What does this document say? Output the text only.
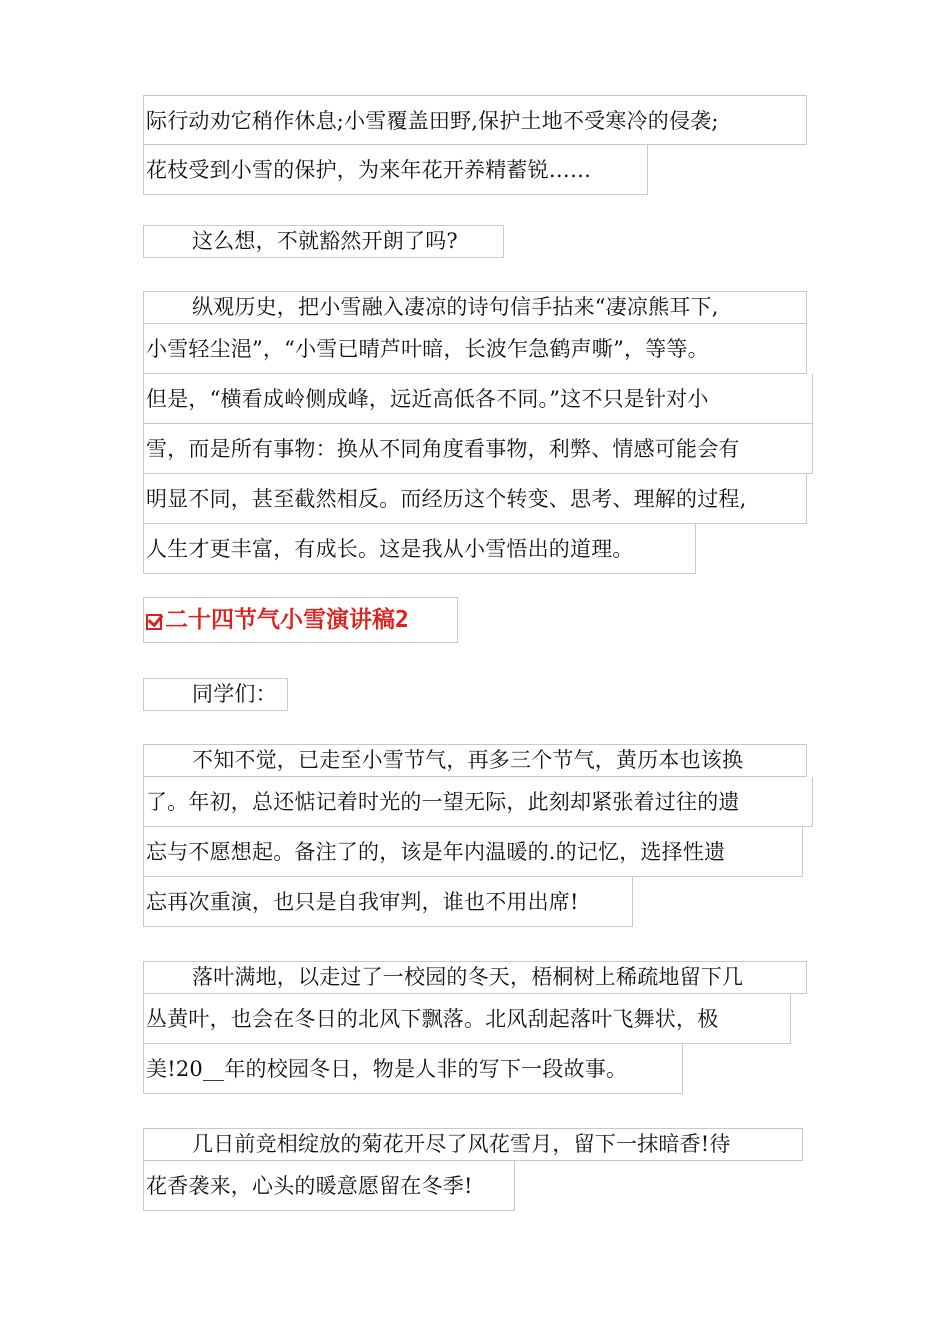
际行动劝它稍作休息;小雪覆盖田野,保护土地不受寒冷的侵袭;
花枝受到小雪的保护，为来年花开养精蓄锐……
这么想，不就豁然开朗了吗?
纵观历史，把小雪融入凄凉的诗句信手拈来“凄凉熊耳下,
小雪轻尘浥”，“小雪已晴芦叶暗，长波乍急鹤声嘶”，等等。
但是，“横看成岭侧成峰，远近高低各不同。”这不只是针对小
雪，而是所有事物：换从不同角度看事物，利弊、情感可能会有
明显不同，甚至截然相反。而经历这个转变、思考、理解的过程,
人生才更丰富，有成长。这是我从小雪悟出的道理。
二十四节气小雪演讲稿2
同学们：
不知不觉，已走至小雪节气，再多三个节气，黄历本也该换
了。年初，总还惦记着时光的一望无际，此刻却紧张着过往的遗
忘与不愿想起。备注了的，该是年内温暖的.的记忆，选择性遗
忘再次重演，也只是自我审判，谁也不用出席!
落叶满地，以走过了一校园的冬天，梧桐树上稀疏地留下几
丛黄叶，也会在冬日的北风下飘落。北风刮起落叶飞舞状，极
美!20__年的校园冬日，物是人非的写下一段故事。
几日前竞相绽放的菊花开尽了风花雪月，留下一抹暗香!待
花香袭来，心头的暖意愿留在冬季!
